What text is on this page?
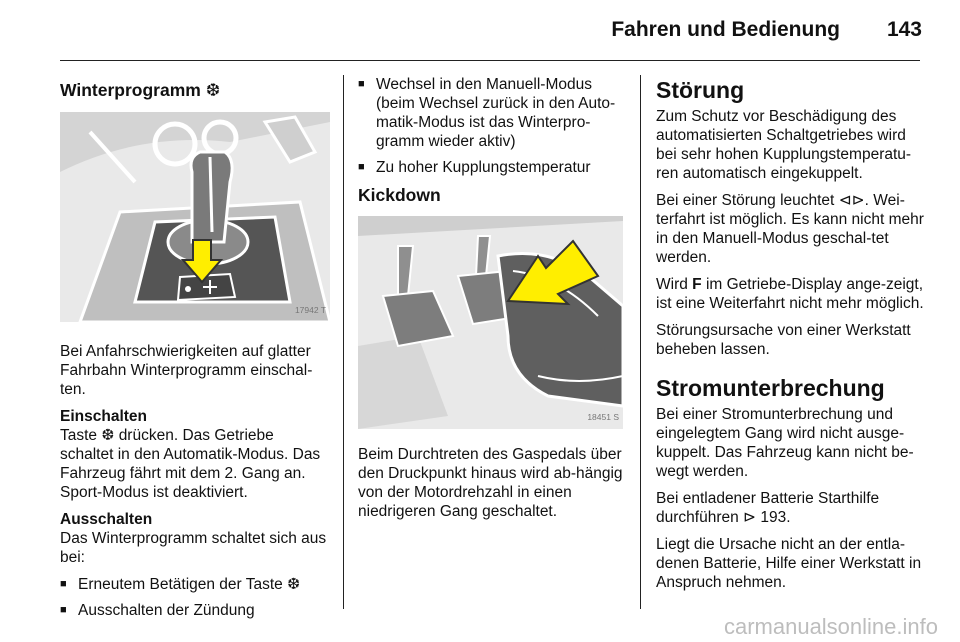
Fahren und Bedienung 143
Winterprogramm ❆
17942 T

Bei Anfahrschwierigkeiten auf glatter Fahrbahn Winterprogramm einschal-ten.

Einschalten

Taste ❆ drücken. Das Getriebe schaltet in den Automatik-Modus. Das Fahrzeug fährt mit dem 2. Gang an. Sport-Modus ist deaktiviert.

Ausschalten

Das Winterprogramm schaltet sich aus bei:

■ Erneutem Betätigen der Taste ❆
■ Ausschalten der Zündung
■ Wechsel in den Manuell-Modus (beim Wechsel zurück in den Auto-matik-Modus ist das Winterpro-gramm wieder aktiv)
■ Zu hoher Kupplungstemperatur
Kickdown
18451 S

Beim Durchtreten des Gaspedals über den Druckpunkt hinaus wird ab-hängig von der Motordrehzahl in einen niedrigeren Gang geschaltet.

Störung

Zum Schutz vor Beschädigung des automatisierten Schaltgetriebes wird bei sehr hohen Kupplungstemperatu-ren automatisch eingekuppelt.

Bei einer Störung leuchtet ⊲⊳. Wei-terfahrt ist möglich. Es kann nicht mehr in den Manuell-Modus geschal-tet werden.

Wird F im Getriebe-Display ange-zeigt, ist eine Weiterfahrt nicht mehr möglich.

Störungsursache von einer Werkstatt beheben lassen.

Stromunterbrechung

Bei einer Stromunterbrechung und eingelegtem Gang wird nicht ausge-kuppelt. Das Fahrzeug kann nicht be-wegt werden.

Bei entladener Batterie Starthilfe durchführen ⊳ 193.

Liegt die Ursache nicht an der entla-denen Batterie, Hilfe einer Werkstatt in Anspruch nehmen.

carmanualsonline.info
